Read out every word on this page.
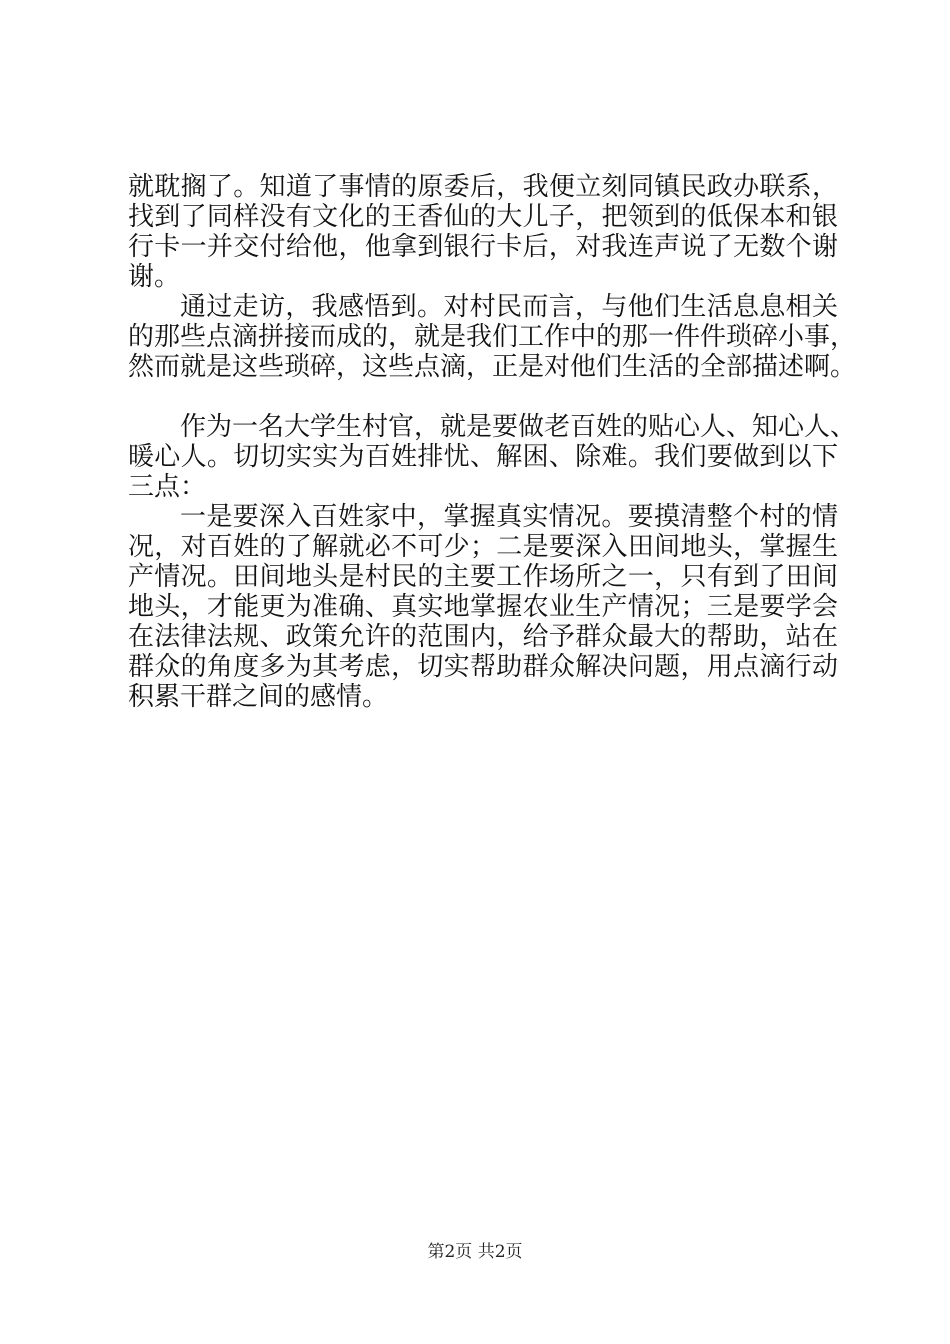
就耽搁了。知道了事情的原委后，我便立刻同镇民政办联系，
找到了同样没有文化的王香仙的大儿子，把领到的低保本和银
行卡一并交付给他，他拿到银行卡后，对我连声说了无数个谢
谢。
通过走访，我感悟到。对村民而言，与他们生活息息相关
的那些点滴拼接而成的，就是我们工作中的那一件件琐碎小事，
然而就是这些琐碎，这些点滴，正是对他们生活的全部描述啊。
作为一名大学生村官，就是要做老百姓的贴心人、知心人、
暖心人。切切实实为百姓排忧、解困、除难。我们要做到以下
三点：
一是要深入百姓家中，掌握真实情况。要摸清整个村的情
况，对百姓的了解就必不可少；二是要深入田间地头，掌握生
产情况。田间地头是村民的主要工作场所之一，只有到了田间
地头，才能更为准确、真实地掌握农业生产情况；三是要学会
在法律法规、政策允许的范围内，给予群众最大的帮助，站在
群众的角度多为其考虑，切实帮助群众解决问题，用点滴行动
积累干群之间的感情。
第2页 共2页
